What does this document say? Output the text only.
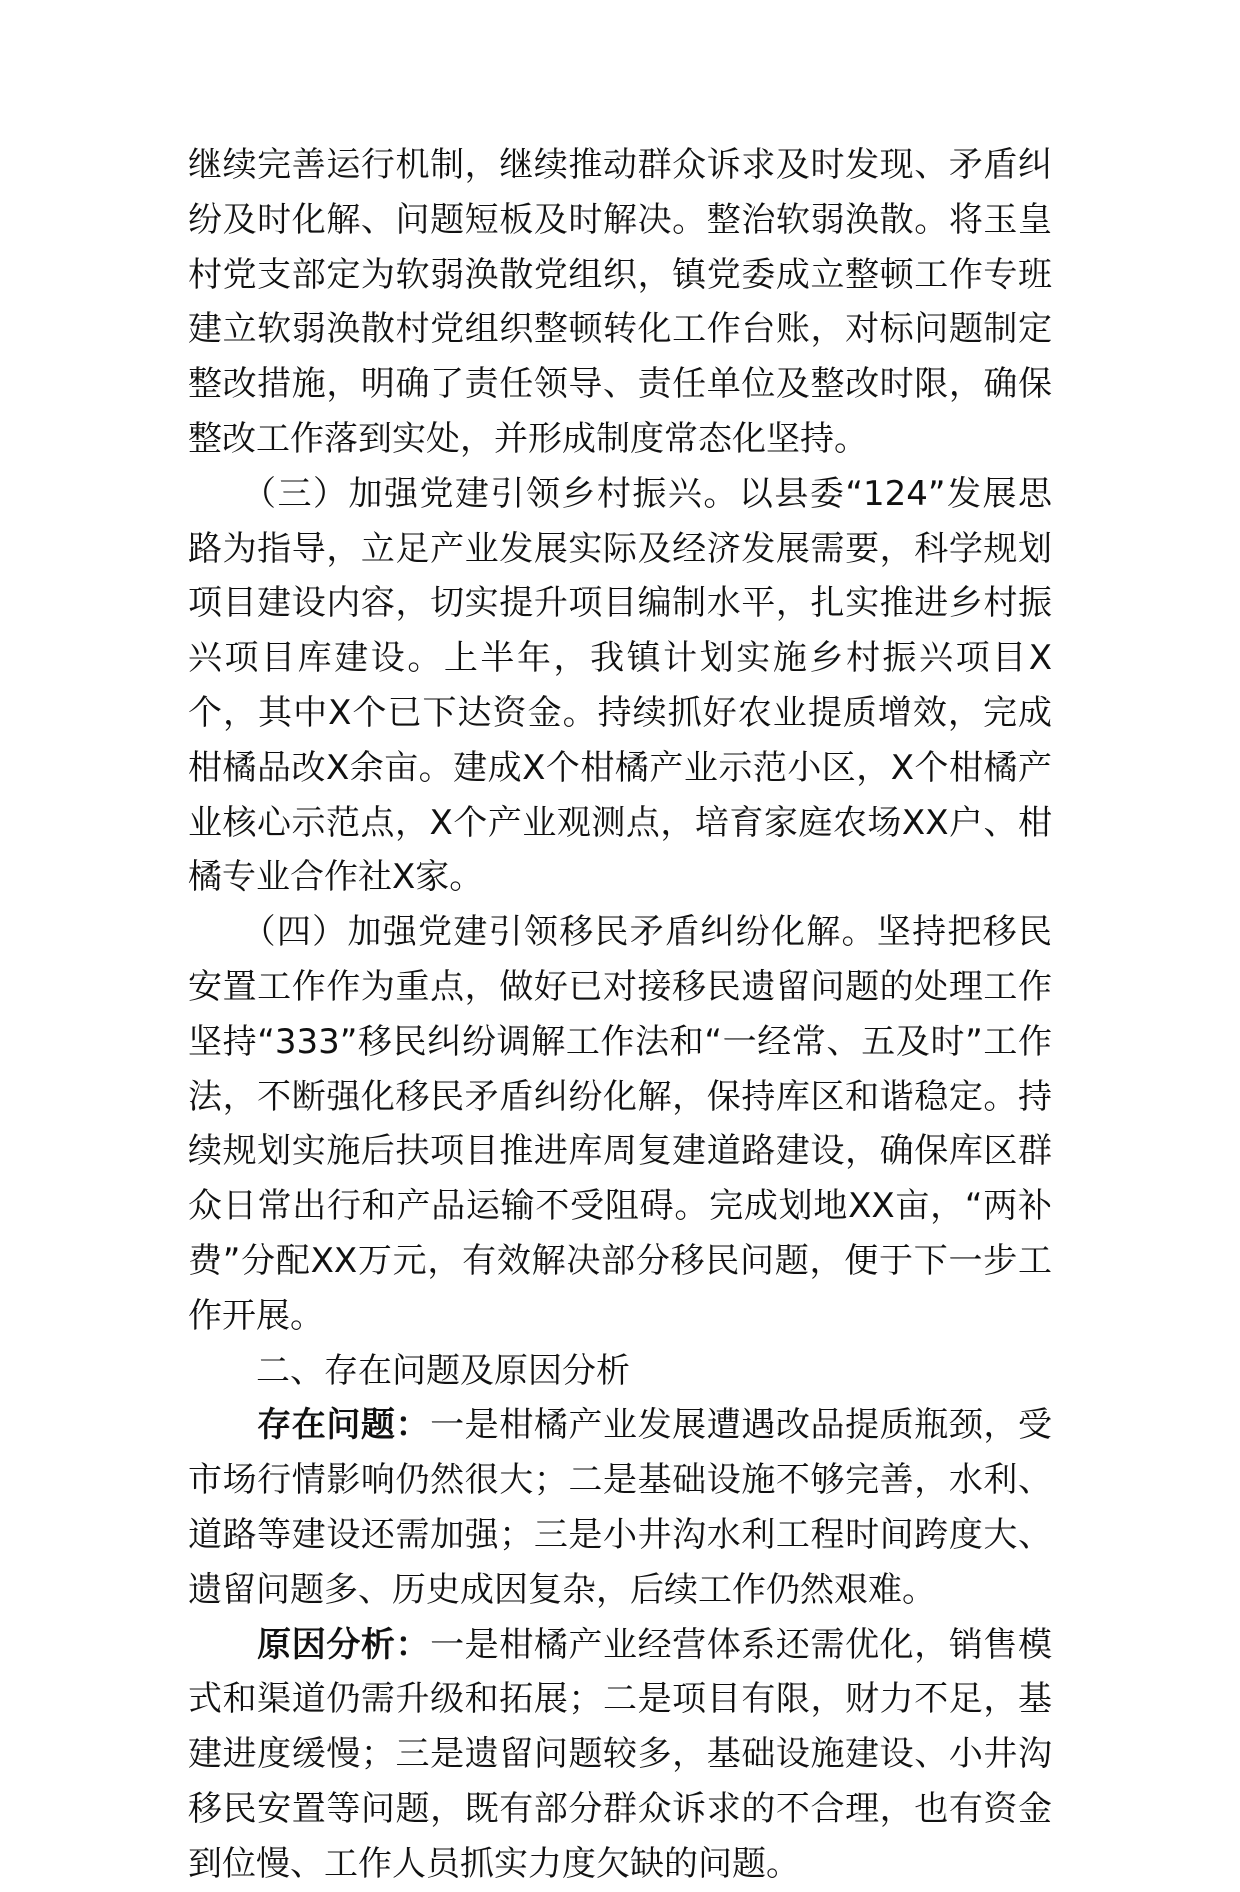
继续完善运行机制，继续推动群众诉求及时发现、矛盾纠纷及时化解、问题短板及时解决。整治软弱涣散。将玉皇村党支部定为软弱涣散党组织，镇党委成立整顿工作专班建立软弱涣散村党组织整顿转化工作台账，对标问题制定整改措施，明确了责任领导、责任单位及整改时限，确保整改工作落到实处，并形成制度常态化坚持。

　　（三）加强党建引领乡村振兴。以县委“124”发展思路为指导，立足产业发展实际及经济发展需要，科学规划项目建设内容，切实提升项目编制水平，扎实推进乡村振兴项目库建设。上半年，我镇计划实施乡村振兴项目X个，其中X个已下达资金。持续抓好农业提质增效，完成柑橘品改X余亩。建成X个柑橘产业示范小区，X个柑橘产业核心示范点，X个产业观测点，培育家庭农场XX户、柑橘专业合作社X家。

　　（四）加强党建引领移民矛盾纠纷化解。坚持把移民安置工作作为重点，做好已对接移民遗留问题的处理工作坚持“333”移民纠纷调解工作法和“一经常、五及时”工作法，不断强化移民矛盾纠纷化解，保持库区和谐稳定。持续规划实施后扶项目推进库周复建道路建设，确保库区群众日常出行和产品运输不受阻碍。完成划地XX亩，“两补费”分配XX万元，有效解决部分移民问题，便于下一步工作开展。

　　二、存在问题及原因分析

　　存在问题：一是柑橘产业发展遭遇改品提质瓶颈，受市场行情影响仍然很大；二是基础设施不够完善，水利、道路等建设还需加强；三是小井沟水利工程时间跨度大、遗留问题多、历史成因复杂，后续工作仍然艰难。

　　原因分析：一是柑橘产业经营体系还需优化，销售模式和渠道仍需升级和拓展；二是项目有限，财力不足，基建进度缓慢；三是遗留问题较多，基础设施建设、小井沟移民安置等问题，既有部分群众诉求的不合理，也有资金到位慢、工作人员抓实力度欠缺的问题。
